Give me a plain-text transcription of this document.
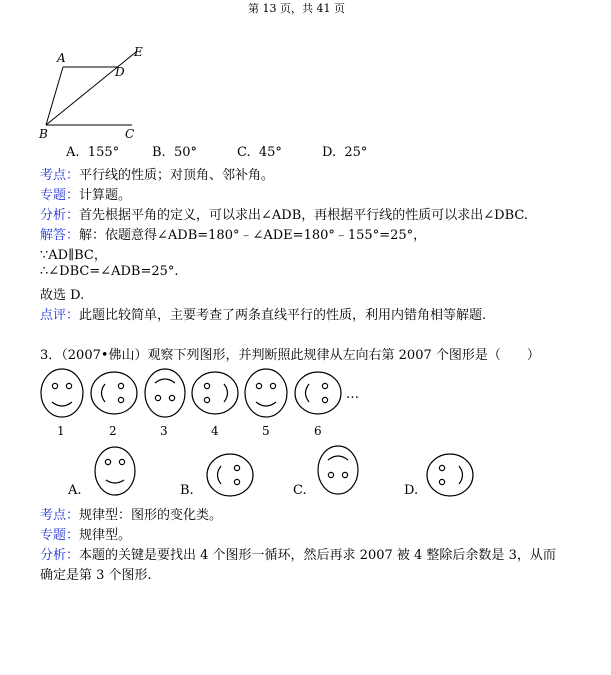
第 13 页，共 41 页
A
B	C
D
E
A. 155°	B. 50°	C. 45°	D. 25°
考点：平行线的性质；对顶角、邻补角。
专题：计算题。
分析：首先根据平角的定义，可以求出∠ADB，再根据平行线的性质可以求出∠DBC.
解答：解：依题意得∠ADB=180°﹣∠ADE=180°﹣155°=25°，
∵AD∥BC，
∴∠DBC=∠ADB=25°.
故选 D.
点评：此题比较简单，主要考查了两条直线平行的性质，利用内错角相等解题.
3．（2007•佛山）观察下列图形，并判断照此规律从左向右第 2007 个图形是（　　）
…
1	2	3	4	5	6
A.	B.	C.	D.
考点：规律型：图形的变化类。
专题：规律型。
分析：本题的关键是要找出 4 个图形一循环，然后再求 2007 被 4 整除后余数是 3，从而
确定是第 3 个图形.
